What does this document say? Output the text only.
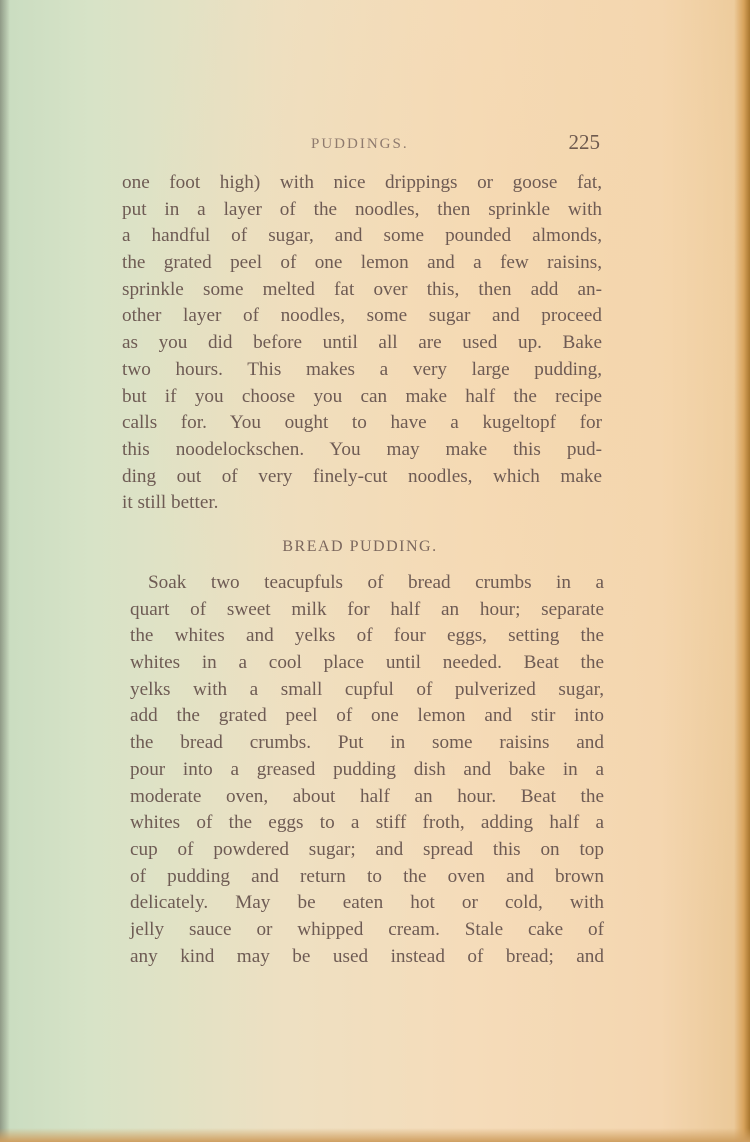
PUDDINGS.	225
one foot high) with nice drippings or goose fat,
put in a layer of the noodles, then sprinkle with
a handful of sugar, and some pounded almonds,
the grated peel of one lemon and a few raisins,
sprinkle some melted fat over this, then add an-
other layer of noodles, some sugar and proceed
as you did before until all are used up. Bake
two hours. This makes a very large pudding,
but if you choose you can make half the recipe
calls for. You ought to have a kugeltopf for
this noodelockschen. You may make this pud-
ding out of very finely-cut noodles, which make
it still better.
BREAD PUDDING.
Soak two teacupfuls of bread crumbs in a
quart of sweet milk for half an hour; separate
the whites and yelks of four eggs, setting the
whites in a cool place until needed. Beat the
yelks with a small cupful of pulverized sugar,
add the grated peel of one lemon and stir into
the bread crumbs. Put in some raisins and
pour into a greased pudding dish and bake in a
moderate oven, about half an hour. Beat the
whites of the eggs to a stiff froth, adding half a
cup of powdered sugar; and spread this on top
of pudding and return to the oven and brown
delicately. May be eaten hot or cold, with
jelly sauce or whipped cream. Stale cake of
any kind may be used instead of bread; and
